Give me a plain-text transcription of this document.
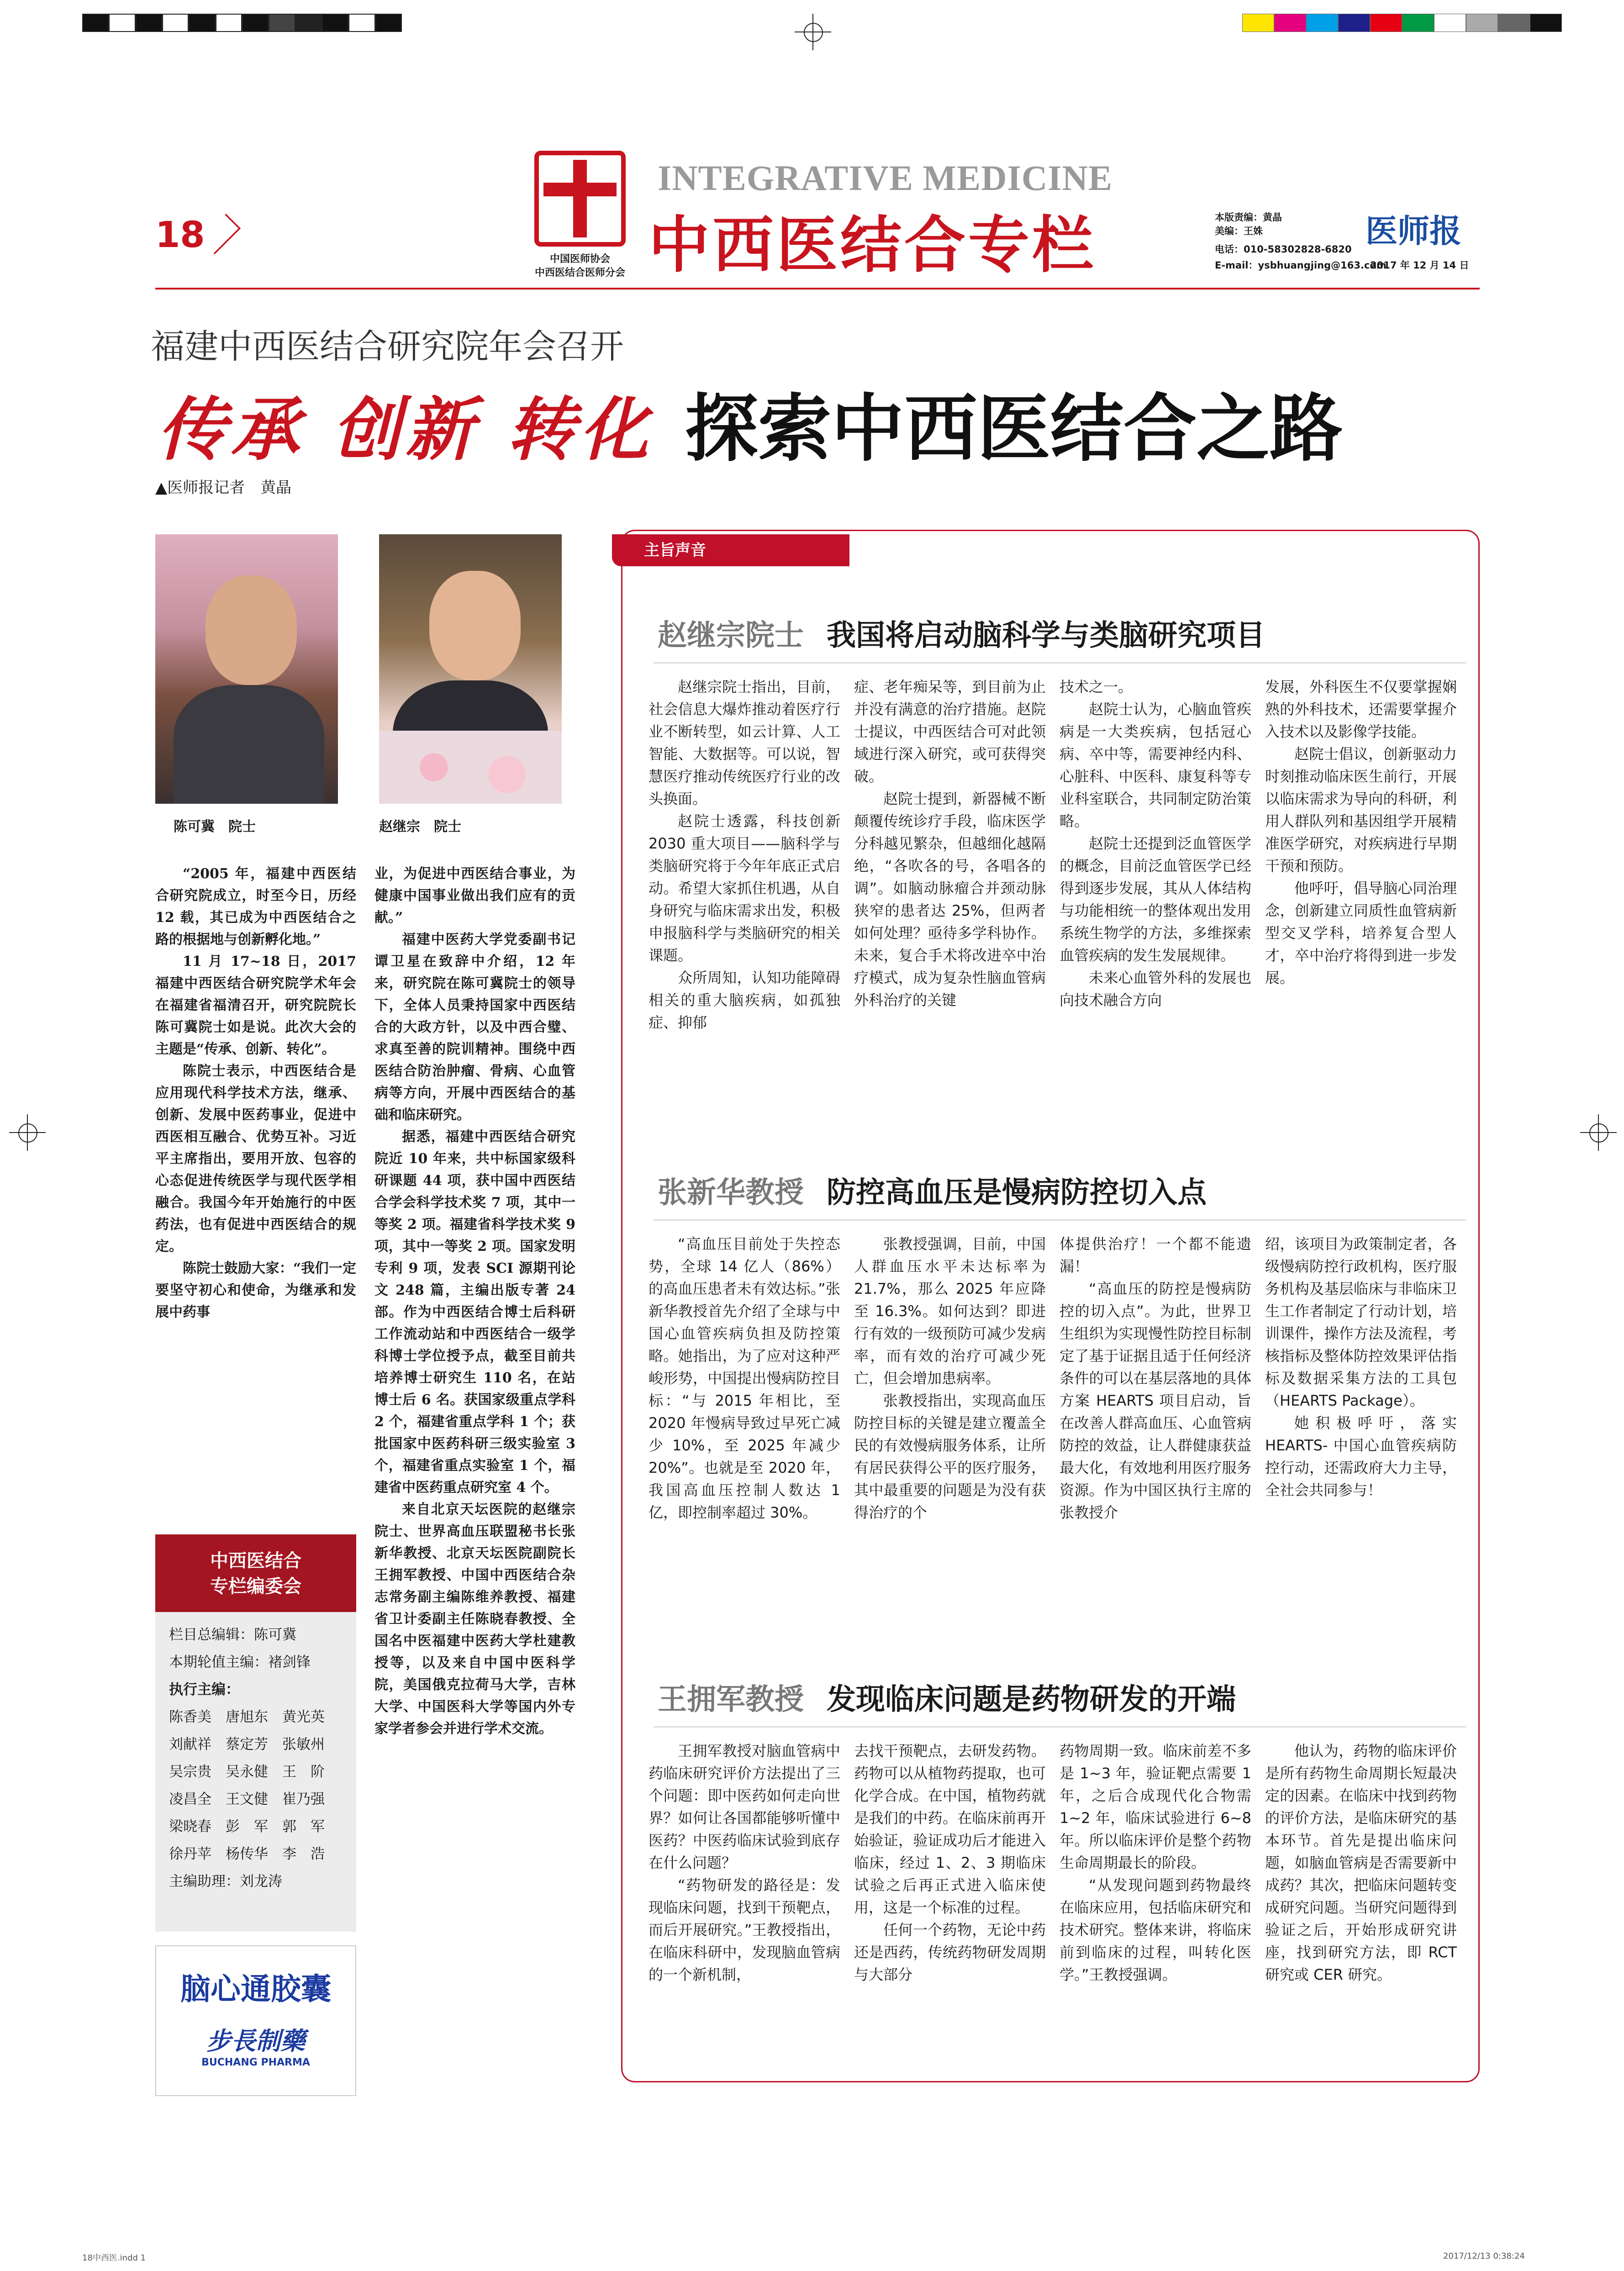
18
中国医师协会
中西医结合医师分会
INTEGRATIVE MEDICINE
中西医结合专栏	本版责编：黄晶
美编：王姝
电话：010-58302828-6820
E-mail：ysbhuangjing@163.com
医师报
2017 年 12 月 14 日
福建中西医结合研究院年会召开
传承 创新 转化 探索中西医结合之路
▲医师报记者　黄晶
陈可冀　院士	赵继宗　院士

“2005 年，福建中西医结合研究院成立，时至今日，历经 12 载，其已成为中西医结合之路的根据地与创新孵化地。”

11 月 17~18 日，2017 福建中西医结合研究院学术年会在福建省福清召开，研究院院长陈可冀院士如是说。此次大会的主题是“传承、创新、转化”。

陈院士表示，中西医结合是应用现代科学技术方法，继承、创新、发展中医药事业，促进中西医相互融合、优势互补。习近平主席指出，要用开放、包容的心态促进传统医学与现代医学相融合。我国今年开始施行的中医药法，也有促进中西医结合的规定。

陈院士鼓励大家：“我们一定要坚守初心和使命，为继承和发展中药事

业，为促进中西医结合事业，为健康中国事业做出我们应有的贡献。”

福建中医药大学党委副书记谭卫星在致辞中介绍，12 年来，研究院在陈可冀院士的领导下，全体人员秉持国家中西医结合的大政方针，以及中西合璧、求真至善的院训精神。围绕中西医结合防治肿瘤、骨病、心血管病等方向，开展中西医结合的基础和临床研究。

据悉，福建中西医结合研究院近 10 年来，共中标国家级科研课题 44 项，获中国中西医结合学会科学技术奖 7 项，其中一等奖 2 项。福建省科学技术奖 9 项，其中一等奖 2 项。国家发明专利 9 项，发表 SCI 源期刊论文 248 篇，主编出版专著 24 部。作为中西医结合博士后科研工作流动站和中西医结合一级学科博士学位授予点，截至目前共培养博士研究生 110 名，在站博士后 6 名。获国家级重点学科 2 个，福建省重点学科 1 个；获批国家中医药科研三级实验室 3 个，福建省重点实验室 1 个，福建省中医药重点研究室 4 个。

来自北京天坛医院的赵继宗院士、世界高血压联盟秘书长张新华教授、北京天坛医院副院长王拥军教授、中国中西医结合杂志常务副主编陈维养教授、福建省卫计委副主任陈晓春教授、全国名中医福建中医药大学杜建教授等，以及来自中国中医科学院，美国俄克拉荷马大学，吉林大学、中国医科大学等国内外专家学者参会并进行学术交流。

中西医结合
专栏编委会
栏目总编辑：陈可冀
本期轮值主编：褚剑锋
执行主编：
陈香美　唐旭东　黄光英
刘献祥　蔡定芳　张敏州
吴宗贵　吴永健　王　阶
凌昌全　王文健　崔乃强
梁晓春　彭　军　郭　军
徐丹苹　杨传华　李　浩
主编助理：刘龙涛
脑心通胶囊
步長制藥
BUCHANG PHARMA
主旨声音
赵继宗院士 我国将启动脑科学与类脑研究项目

赵继宗院士指出，目前，社会信息大爆炸推动着医疗行业不断转型，如云计算、人工智能、大数据等。可以说，智慧医疗推动传统医疗行业的改头换面。

赵院士透露，科技创新 2030 重大项目——脑科学与类脑研究将于今年年底正式启动。希望大家抓住机遇，从自身研究与临床需求出发，积极申报脑科学与类脑研究的相关课题。

众所周知，认知功能障碍相关的重大脑疾病，如孤独症、抑郁

症、老年痴呆等，到目前为止并没有满意的治疗措施。赵院士提议，中西医结合可对此领域进行深入研究，或可获得突破。

赵院士提到，新器械不断颠覆传统诊疗手段，临床医学分科越见繁杂，但越细化越隔绝，“各吹各的号，各唱各的调”。如脑动脉瘤合并颈动脉狭窄的患者达 25%，但两者如何处理？亟待多学科协作。未来，复合手术将改进卒中治疗模式，成为复杂性脑血管病外科治疗的关键

技术之一。

赵院士认为，心脑血管疾病是一大类疾病，包括冠心病、卒中等，需要神经内科、心脏科、中医科、康复科等专业科室联合，共同制定防治策略。

赵院士还提到泛血管医学的概念，目前泛血管医学已经得到逐步发展，其从人体结构与功能相统一的整体观出发用系统生物学的方法，多维探索血管疾病的发生发展规律。

未来心血管外科的发展也向技术融合方向

发展，外科医生不仅要掌握娴熟的外科技术，还需要掌握介入技术以及影像学技能。

赵院士倡议，创新驱动力时刻推动临床医生前行，开展以临床需求为导向的科研，利用人群队列和基因组学开展精准医学研究，对疾病进行早期干预和预防。

他呼吁，倡导脑心同治理念，创新建立同质性血管病新型交叉学科，培养复合型人才，卒中治疗将得到进一步发展。

张新华教授 防控高血压是慢病防控切入点

“高血压目前处于失控态势，全球 14 亿人（86%）的高血压患者未有效达标。”张新华教授首先介绍了全球与中国心血管疾病负担及防控策略。她指出，为了应对这种严峻形势，中国提出慢病防控目标：“与 2015 年相比，至 2020 年慢病导致过早死亡减少 10%，至 2025 年减少 20%”。也就是至 2020 年，我国高血压控制人数达 1 亿，即控制率超过 30%。

张教授强调，目前，中国人群血压水平未达标率为 21.7%，那么 2025 年应降至 16.3%。如何达到？即进行有效的一级预防可减少发病率，而有效的治疗可减少死亡，但会增加患病率。

张教授指出，实现高血压防控目标的关键是建立覆盖全民的有效慢病服务体系，让所有居民获得公平的医疗服务，其中最重要的问题是为没有获得治疗的个

体提供治疗！一个都不能遗漏！

“高血压的防控是慢病防控的切入点”。为此，世界卫生组织为实现慢性防控目标制定了基于证据且适于任何经济条件的可以在基层落地的具体方案 HEARTS 项目启动，旨在改善人群高血压、心血管病防控的效益，让人群健康获益最大化，有效地利用医疗服务资源。作为中国区执行主席的张教授介

绍，该项目为政策制定者，各级慢病防控行政机构，医疗服务机构及基层临床与非临床卫生工作者制定了行动计划，培训课件，操作方法及流程，考核指标及整体防控效果评估指标及数据采集方法的工具包（HEARTS Package）。

她积极呼吁，落实 HEARTS- 中国心血管疾病防控行动，还需政府大力主导，全社会共同参与！

王拥军教授 发现临床问题是药物研发的开端

王拥军教授对脑血管病中药临床研究评价方法提出了三个问题：即中医药如何走向世界？如何让各国都能够听懂中医药？中医药临床试验到底存在什么问题？

“药物研发的路径是：发现临床问题，找到干预靶点，而后开展研究。”王教授指出，在临床科研中，发现脑血管病的一个新机制，

去找干预靶点，去研发药物。药物可以从植物药提取，也可化学合成。在中国，植物药就是我们的中药。在临床前再开始验证，验证成功后才能进入临床，经过 1、2、3 期临床试验之后再正式进入临床使用，这是一个标准的过程。

任何一个药物，无论中药还是西药，传统药物研发周期与大部分

药物周期一致。临床前差不多是 1~3 年，验证靶点需要 1 年，之后合成现代化合物需 1~2 年，临床试验进行 6~8 年。所以临床评价是整个药物生命周期最长的阶段。

“从发现问题到药物最终在临床应用，包括临床研究和技术研究。整体来讲，将临床前到临床的过程，叫转化医学。”王教授强调。

他认为，药物的临床评价是所有药物生命周期长短最决定的因素。在临床中找到药物的评价方法，是临床研究的基本环节。首先是提出临床问题，如脑血管病是否需要新中成药？其次，把临床问题转变成研究问题。当研究问题得到验证之后，开始形成研究讲座，找到研究方法，即 RCT 研究或 CER 研究。

18中西医.indd 1	2017/12/13 0:38:24
